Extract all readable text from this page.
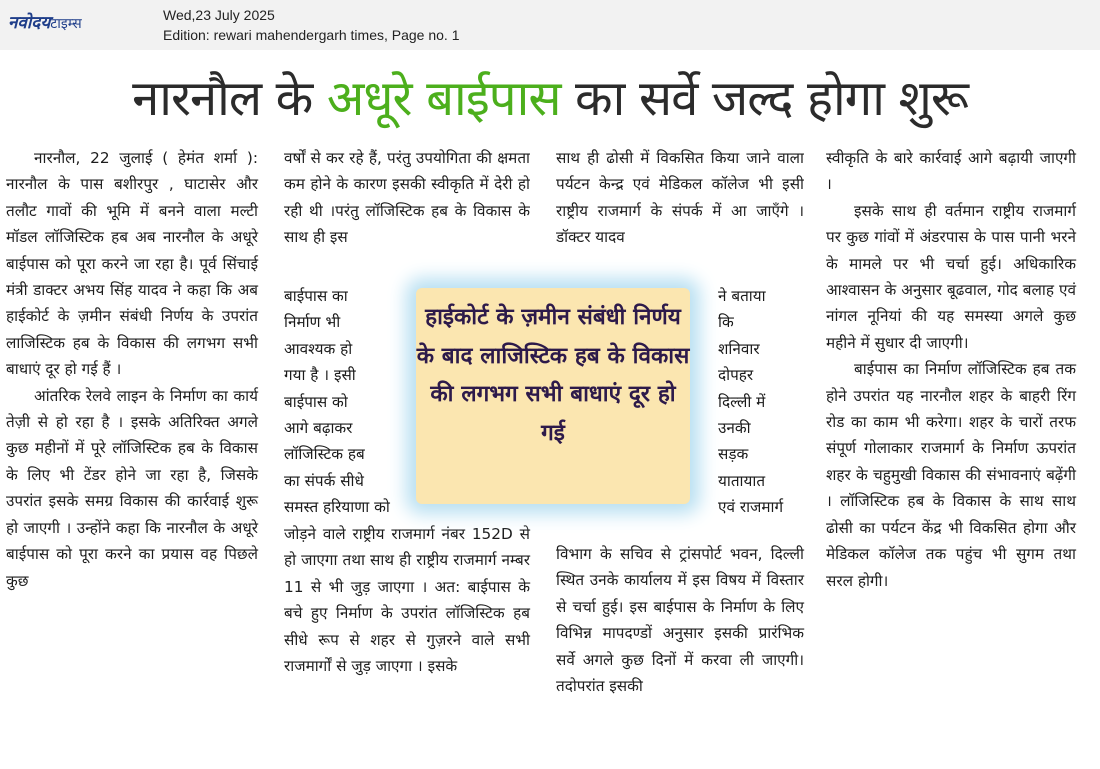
नवोदयटाइम्स
Wed,23 July 2025
Edition: rewari mahendergarh times, Page no. 1
नारनौल के अधूरे बाईपास का सर्वे जल्द होगा शुरू

नारनौल, 22 जुलाई ( हेमंत शर्मा ): नारनौल के पास बशीरपुर , घाटासेर और तलौट गावों की भूमि में बनने वाला मल्टी मॉडल लॉजिस्टिक हब अब नारनौल के अधूरे बाईपास को पूरा करने जा रहा है। पूर्व सिंचाई मंत्री डाक्टर अभय सिंह यादव ने कहा कि अब हाईकोर्ट के ज़मीन संबंधी निर्णय के उपरांत लाजिस्टिक हब के विकास की लगभग सभी बाधाएं दूर हो गई हैं ।

आंतरिक रेलवे लाइन के निर्माण का कार्य तेज़ी से हो रहा है । इसके अतिरिक्त अगले कुछ महीनों में पूरे लॉजिस्टिक हब के विकास के लिए भी टेंडर होने जा रहा है, जिसके उपरांत इसके समग्र विकास की कार्रवाई शुरू हो जाएगी । उन्होंने कहा कि नारनौल के अधूरे बाईपास को पूरा करने का प्रयास वह पिछले कुछ

वर्षों से कर रहे हैं, परंतु उपयोगिता की क्षमता कम होने के कारण इसकी स्वीकृति में देरी हो रही थी ।परंतु लॉजिस्टिक हब के विकास के साथ ही इस

बाईपास का
निर्माण भी
आवश्यक हो
गया है । इसी
बाईपास को
आगे बढ़ाकर
लॉजिस्टिक हब
का संपर्क सीधे
समस्त हरियाणा को

जोड़ने वाले राष्ट्रीय राजमार्ग नंबर 152D से हो जाएगा तथा साथ ही राष्ट्रीय राजमार्ग नम्बर 11 से भी जुड़ जाएगा । अत: बाईपास के बचे हुए निर्माण के उपरांत लॉजिस्टिक हब सीधे रूप से शहर से गुज़रने वाले सभी राजमार्गों से जुड़ जाएगा । इसके

साथ ही ढोसी में विकसित किया जाने वाला पर्यटन केन्द्र एवं मेडिकल कॉलेज भी इसी राष्ट्रीय राजमार्ग के संपर्क में आ जाएँगे । डॉक्टर यादव

ने बताया
कि
शनिवार
दोपहर
दिल्ली में
उनकी
सड़क
यातायात
एवं राजमार्ग

विभाग के सचिव से ट्रांसपोर्ट भवन, दिल्ली स्थित उनके कार्यालय में इस विषय में विस्तार से चर्चा हुई। इस बाईपास के निर्माण के लिए विभिन्न मापदण्डों अनुसार इसकी प्रारंभिक सर्वे अगले कुछ दिनों में करवा ली जाएगी। तदोपरांत इसकी

स्वीकृति के बारे कार्रवाई आगे बढ़ायी जाएगी ।

इसके साथ ही वर्तमान राष्ट्रीय राजमार्ग पर कुछ गांवों में अंडरपास के पास पानी भरने के मामले पर भी चर्चा हुई। अधिकारिक आश्वासन के अनुसार बूढवाल, गोद बलाह एवं नांगल नूनियां की यह समस्या अगले कुछ महीने में सुधार दी जाएगी।

बाईपास का निर्माण लॉजिस्टिक हब तक होने उपरांत यह नारनौल शहर के बाहरी रिंग रोड का काम भी करेगा। शहर के चारों तरफ संपूर्ण गोलाकार राजमार्ग के निर्माण ऊपरांत शहर के चहुमुखी विकास की संभावनाएं बढ़ेंगी । लॉजिस्टिक हब के विकास के साथ साथ ढोसी का पर्यटन केंद्र भी विकसित होगा और मेडिकल कॉलेज तक पहुंच भी सुगम तथा सरल होगी।

हाईकोर्ट के ज़मीन संबंधी निर्णय के बाद लाजिस्टिक हब के विकास की लगभग सभी बाधाएं दूर हो गई
